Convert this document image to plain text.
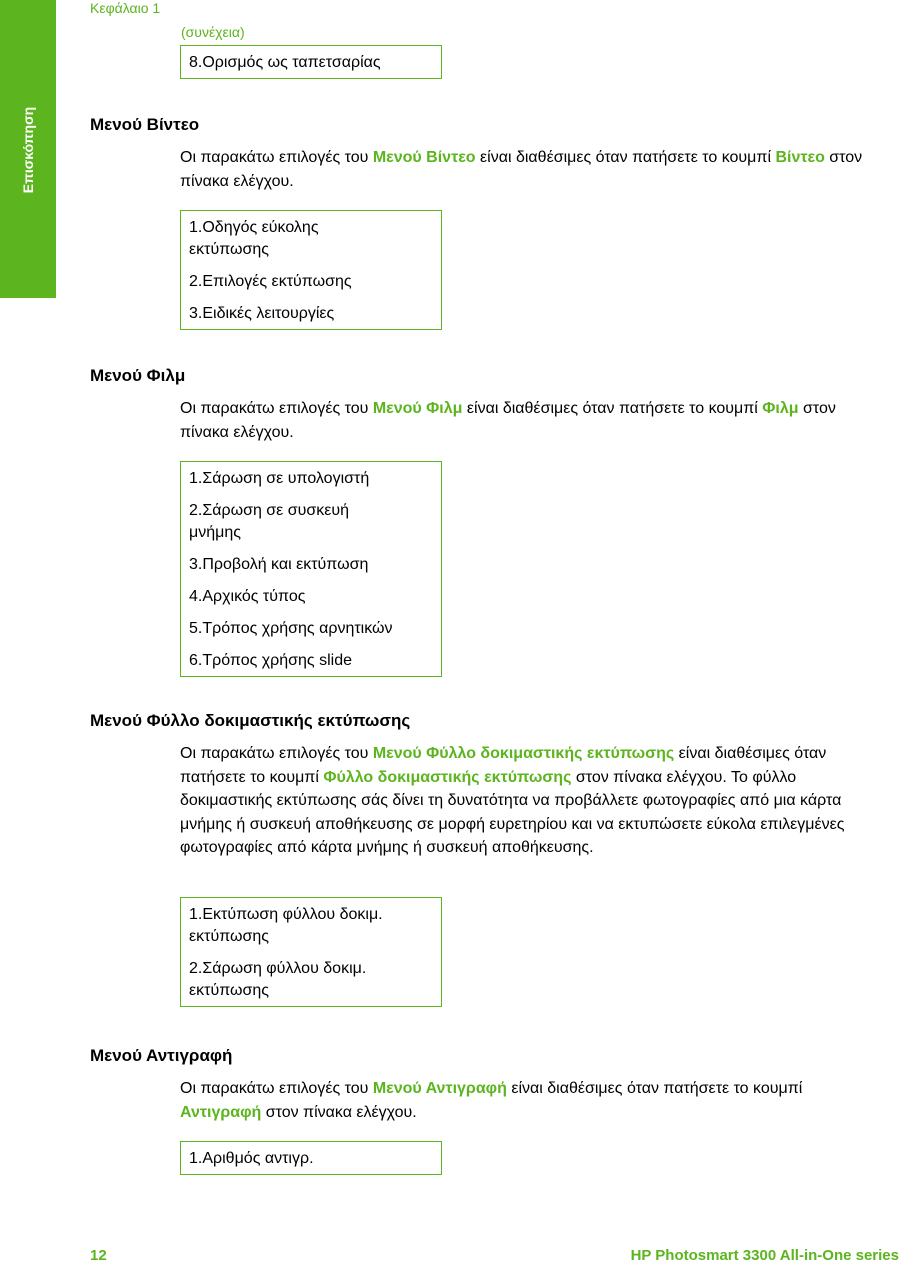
Επισκόπηση
Κεφάλαιο 1
(συνέχεια)
8.Ορισμός ως ταπετσαρίας
Μενού Βίντεο
Οι παρακάτω επιλογές του Μενού Βίντεο είναι διαθέσιμες όταν πατήσετε το κουμπί Βίντεο στον πίνακα ελέγχου.
1.Οδηγός εύκολης εκτύπωσης
2.Επιλογές εκτύπωσης
3.Ειδικές λειτουργίες
Μενού Φιλμ
Οι παρακάτω επιλογές του Μενού Φιλμ είναι διαθέσιμες όταν πατήσετε το κουμπί Φιλμ στον πίνακα ελέγχου.
1.Σάρωση σε υπολογιστή
2.Σάρωση σε συσκευή μνήμης
3.Προβολή και εκτύπωση
4.Αρχικός τύπος
5.Τρόπος χρήσης αρνητικών
6.Τρόπος χρήσης slide
Μενού Φύλλο δοκιμαστικής εκτύπωσης
Οι παρακάτω επιλογές του Μενού Φύλλο δοκιμαστικής εκτύπωσης είναι διαθέσιμες όταν πατήσετε το κουμπί Φύλλο δοκιμαστικής εκτύπωσης στον πίνακα ελέγχου. Το φύλλο δοκιμαστικής εκτύπωσης σάς δίνει τη δυνατότητα να προβάλλετε φωτογραφίες από μια κάρτα μνήμης ή συσκευή αποθήκευσης σε μορφή ευρετηρίου και να εκτυπώσετε εύκολα επιλεγμένες φωτογραφίες από κάρτα μνήμης ή συσκευή αποθήκευσης.
1.Εκτύπωση φύλλου δοκιμ. εκτύπωσης
2.Σάρωση φύλλου δοκιμ. εκτύπωσης
Μενού Αντιγραφή
Οι παρακάτω επιλογές του Μενού Αντιγραφή είναι διαθέσιμες όταν πατήσετε το κουμπί Αντιγραφή στον πίνακα ελέγχου.
1.Αριθμός αντιγρ.
12	HP Photosmart 3300 All-in-One series
